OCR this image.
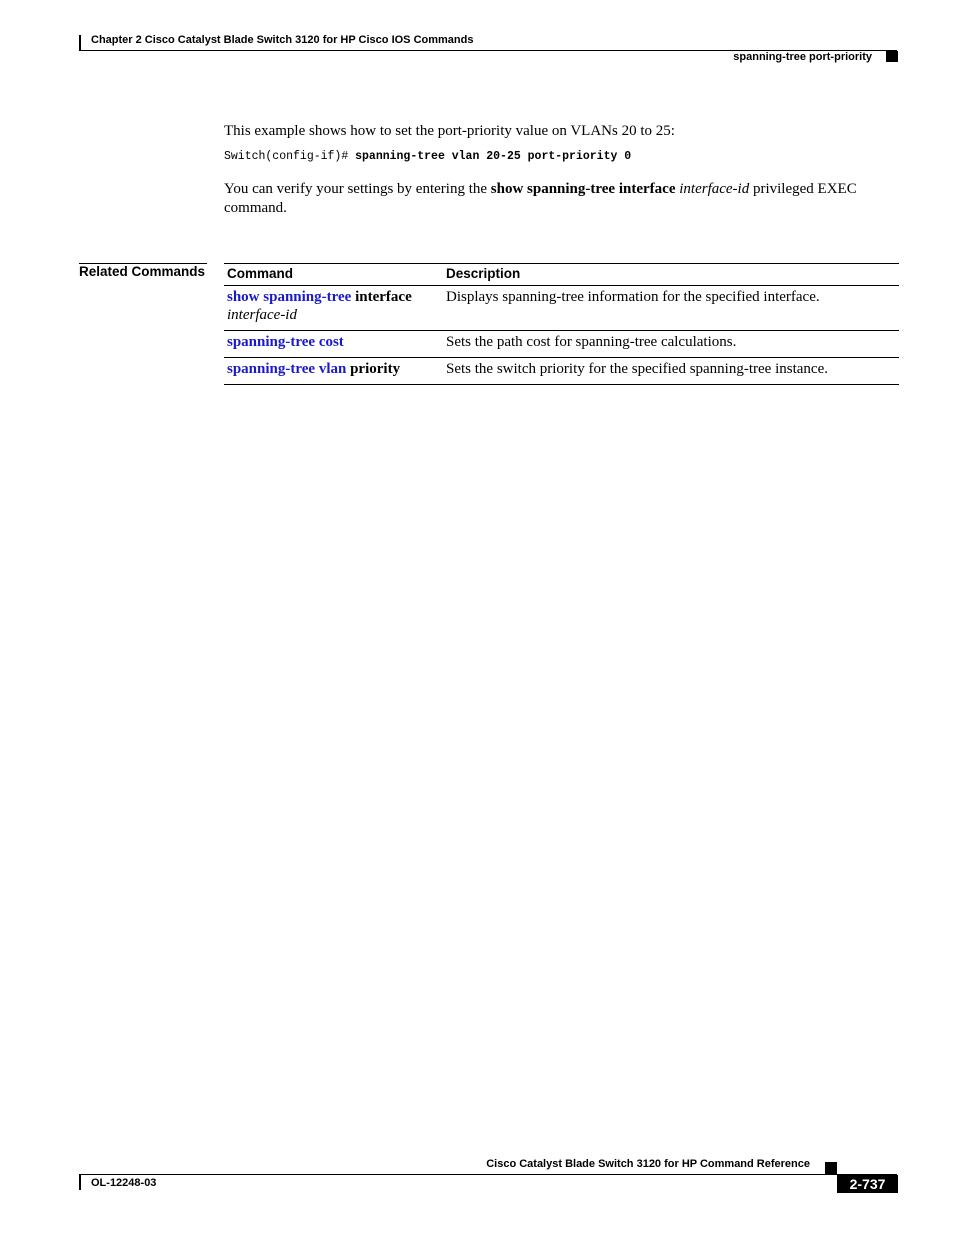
Chapter 2 Cisco Catalyst Blade Switch 3120 for HP Cisco IOS Commands
spanning-tree port-priority
This example shows how to set the port-priority value on VLANs 20 to 25:
Switch(config-if)# spanning-tree vlan 20-25 port-priority 0
You can verify your settings by entering the show spanning-tree interface interface-id privileged EXEC command.
Related Commands Command	Description
show spanning-tree interface
interface-id	Displays spanning-tree information for the specified interface.
spanning-tree cost	Sets the path cost for spanning-tree calculations.
spanning-tree vlan priority	Sets the switch priority for the specified spanning-tree instance.
Cisco Catalyst Blade Switch 3120 for HP Command Reference
OL-12248-03	2-737
